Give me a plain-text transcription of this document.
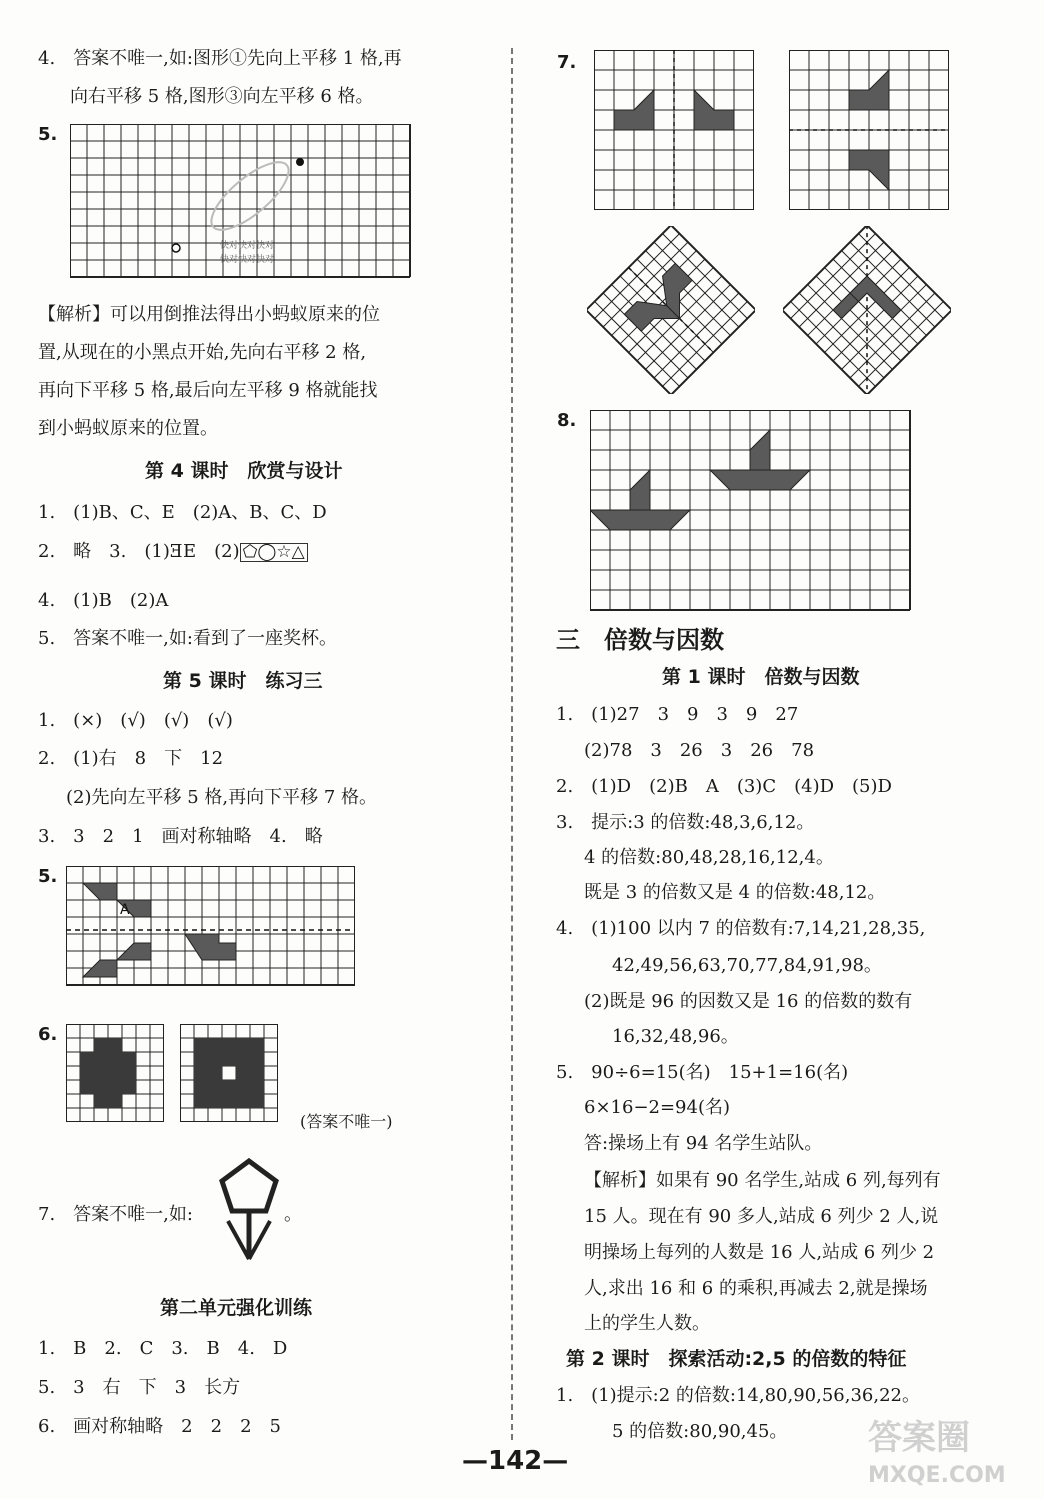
4.　 答案不唯一,如:图形①先向上平移 1 格,再
向右平移 5 格,图形③向左平移 6 格。
5.
快对快对快对
快对快对快对
【解析】可以用倒推法得出小蚂蚁原来的位
置,从现在的小黑点开始,先向右平移 2 格,
再向下平移 5 格,最后向左平移 9 格就能找
到小蚂蚁原来的位置。
第 4 课时　欣赏与设计
1.　(1)B、C、E　(2)A、B、C、D
2.　略　3.　(1)ƎE　(2) ⬠◯☆△
4.　(1)B　(2)A
5.　答案不唯一,如:看到了一座奖杯。
第 5 课时　练习三
1.　(×)　(√)　(√)　(√)
2.　(1)右　8　下　12
(2)先向左平移 5 格,再向下平移 7 格。
3.　3　2　1　画对称轴略　4.　略
5.
A
6.
(答案不唯一)
7.　答案不唯一,如:	。
第二单元强化训练
1.　B　2.　C　3.　B　4.　D
5.　3　右　下　3　长方
6.　画对称轴略　2　2　2　5
7.
8.
三　倍数与因数
第 1 课时　倍数与因数
1.　(1)27　3　9　3　9　27
(2)78　3　26　3　26　78
2.　(1)D　(2)B　A　(3)C　(4)D　(5)D
3.　提示:3 的倍数:48,3,6,12。
4 的倍数:80,48,28,16,12,4。
既是 3 的倍数又是 4 的倍数:48,12。
4.　(1)100 以内 7 的倍数有:7,14,21,28,35,
42,49,56,63,70,77,84,91,98。
(2)既是 96 的因数又是 16 的倍数的数有
16,32,48,96。
5.　90÷6=15(名)　15+1=16(名)
6×16−2=94(名)
答:操场上有 94 名学生站队。
【解析】如果有 90 名学生,站成 6 列,每列有
15 人。现在有 90 多人,站成 6 列少 2 人,说
明操场上每列的人数是 16 人,站成 6 列少 2
人,求出 16 和 6 的乘积,再减去 2,就是操场
上的学生人数。
第 2 课时　探索活动:2,5 的倍数的特征
1.　(1)提示:2 的倍数:14,80,90,56,36,22。
5 的倍数:80,90,45。
—142—
答案圈
MXQE.COM
